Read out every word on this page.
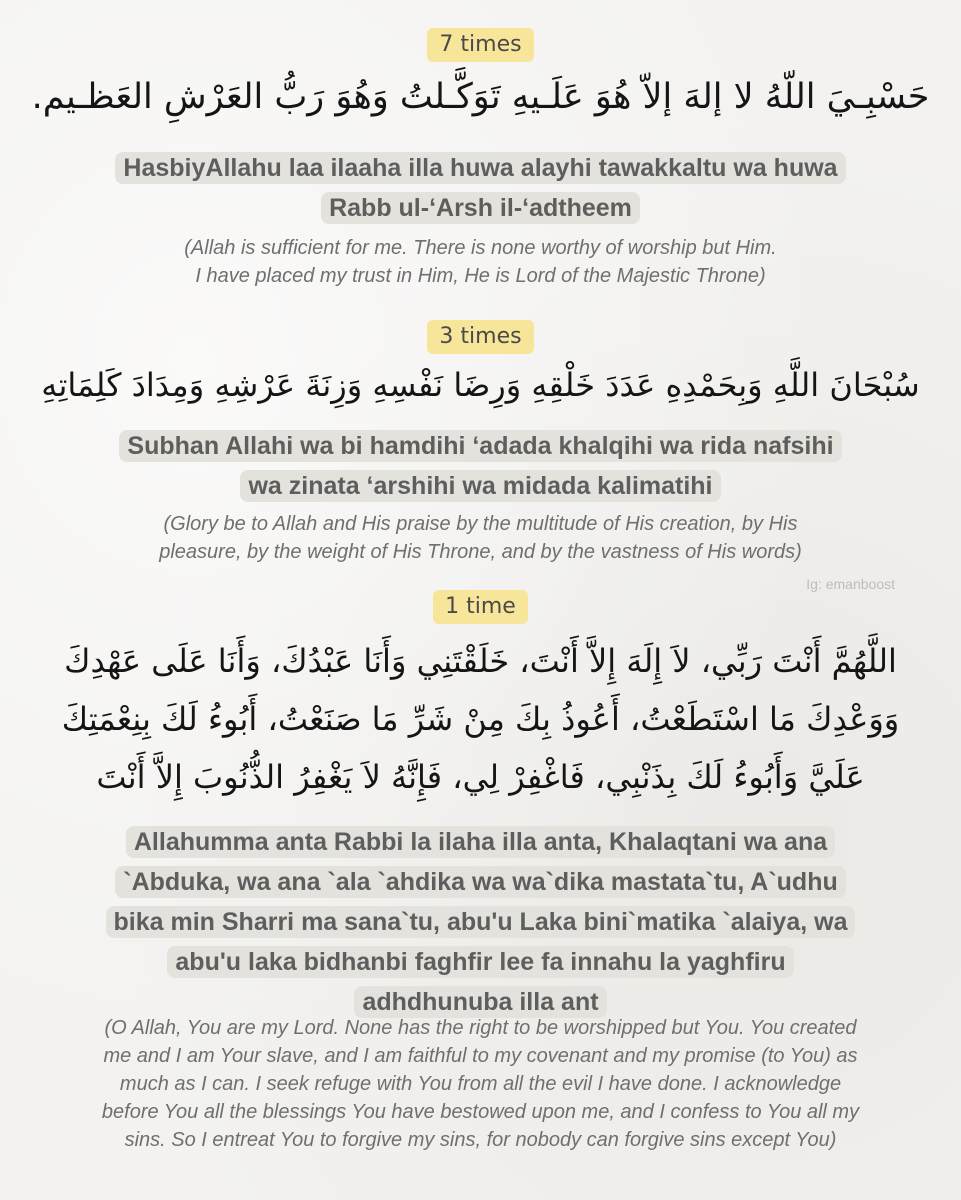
7 times
حَسْبِـيَ اللّهُ لا إلهَ إلاّ هُوَ عَلَـيهِ تَوَكَّـلتُ وَهُوَ رَبُّ العَرْشِ العَظـيم.
HasbiyAllahu laa ilaaha illa huwa alayhi tawakkaltu wa huwa
Rabb ul-‘Arsh il-‘adtheem
(Allah is sufficient for me. There is none worthy of worship but Him.
I have placed my trust in Him, He is Lord of the Majestic Throne)
3 times
سُبْحَانَ اللَّهِ وَبِحَمْدِهِ عَدَدَ خَلْقِهِ وَرِضَا نَفْسِهِ وَزِنَةَ عَرْشِهِ وَمِدَادَ كَلِمَاتِهِ
Subhan Allahi wa bi hamdihi ‘adada khalqihi wa rida nafsihi
wa zinata ‘arshihi wa midada kalimatihi
(Glory be to Allah and His praise by the multitude of His creation, by His
pleasure, by the weight of His Throne, and by the vastness of His words)
Ig: emanboost
1 time
اللَّهُمَّ أَنْتَ رَبِّي، لاَ إِلَهَ إِلاَّ أَنْتَ، خَلَقْتَنِي وَأَنَا عَبْدُكَ، وَأَنَا عَلَى عَهْدِكَ
وَوَعْدِكَ مَا اسْتَطَعْتُ، أَعُوذُ بِكَ مِنْ شَرِّ مَا صَنَعْتُ، أَبُوءُ لَكَ بِنِعْمَتِكَ
عَلَيَّ وَأَبُوءُ لَكَ بِذَنْبِي، فَاغْفِرْ لِي، فَإِنَّهُ لاَ يَغْفِرُ الذُّنُوبَ إِلاَّ أَنْتَ
Allahumma anta Rabbi la ilaha illa anta, Khalaqtani wa ana
`Abduka, wa ana `ala `ahdika wa wa`dika mastata`tu, A`udhu
bika min Sharri ma sana`tu, abu'u Laka bini`matika `alaiya, wa
abu'u laka bidhanbi faghfir lee fa innahu la yaghfiru
adhdhunuba illa ant
(O Allah, You are my Lord. None has the right to be worshipped but You. You created
me and I am Your slave, and I am faithful to my covenant and my promise (to You) as
much as I can. I seek refuge with You from all the evil I have done. I acknowledge
before You all the blessings You have bestowed upon me, and I confess to You all my
sins. So I entreat You to forgive my sins, for nobody can forgive sins except You)
